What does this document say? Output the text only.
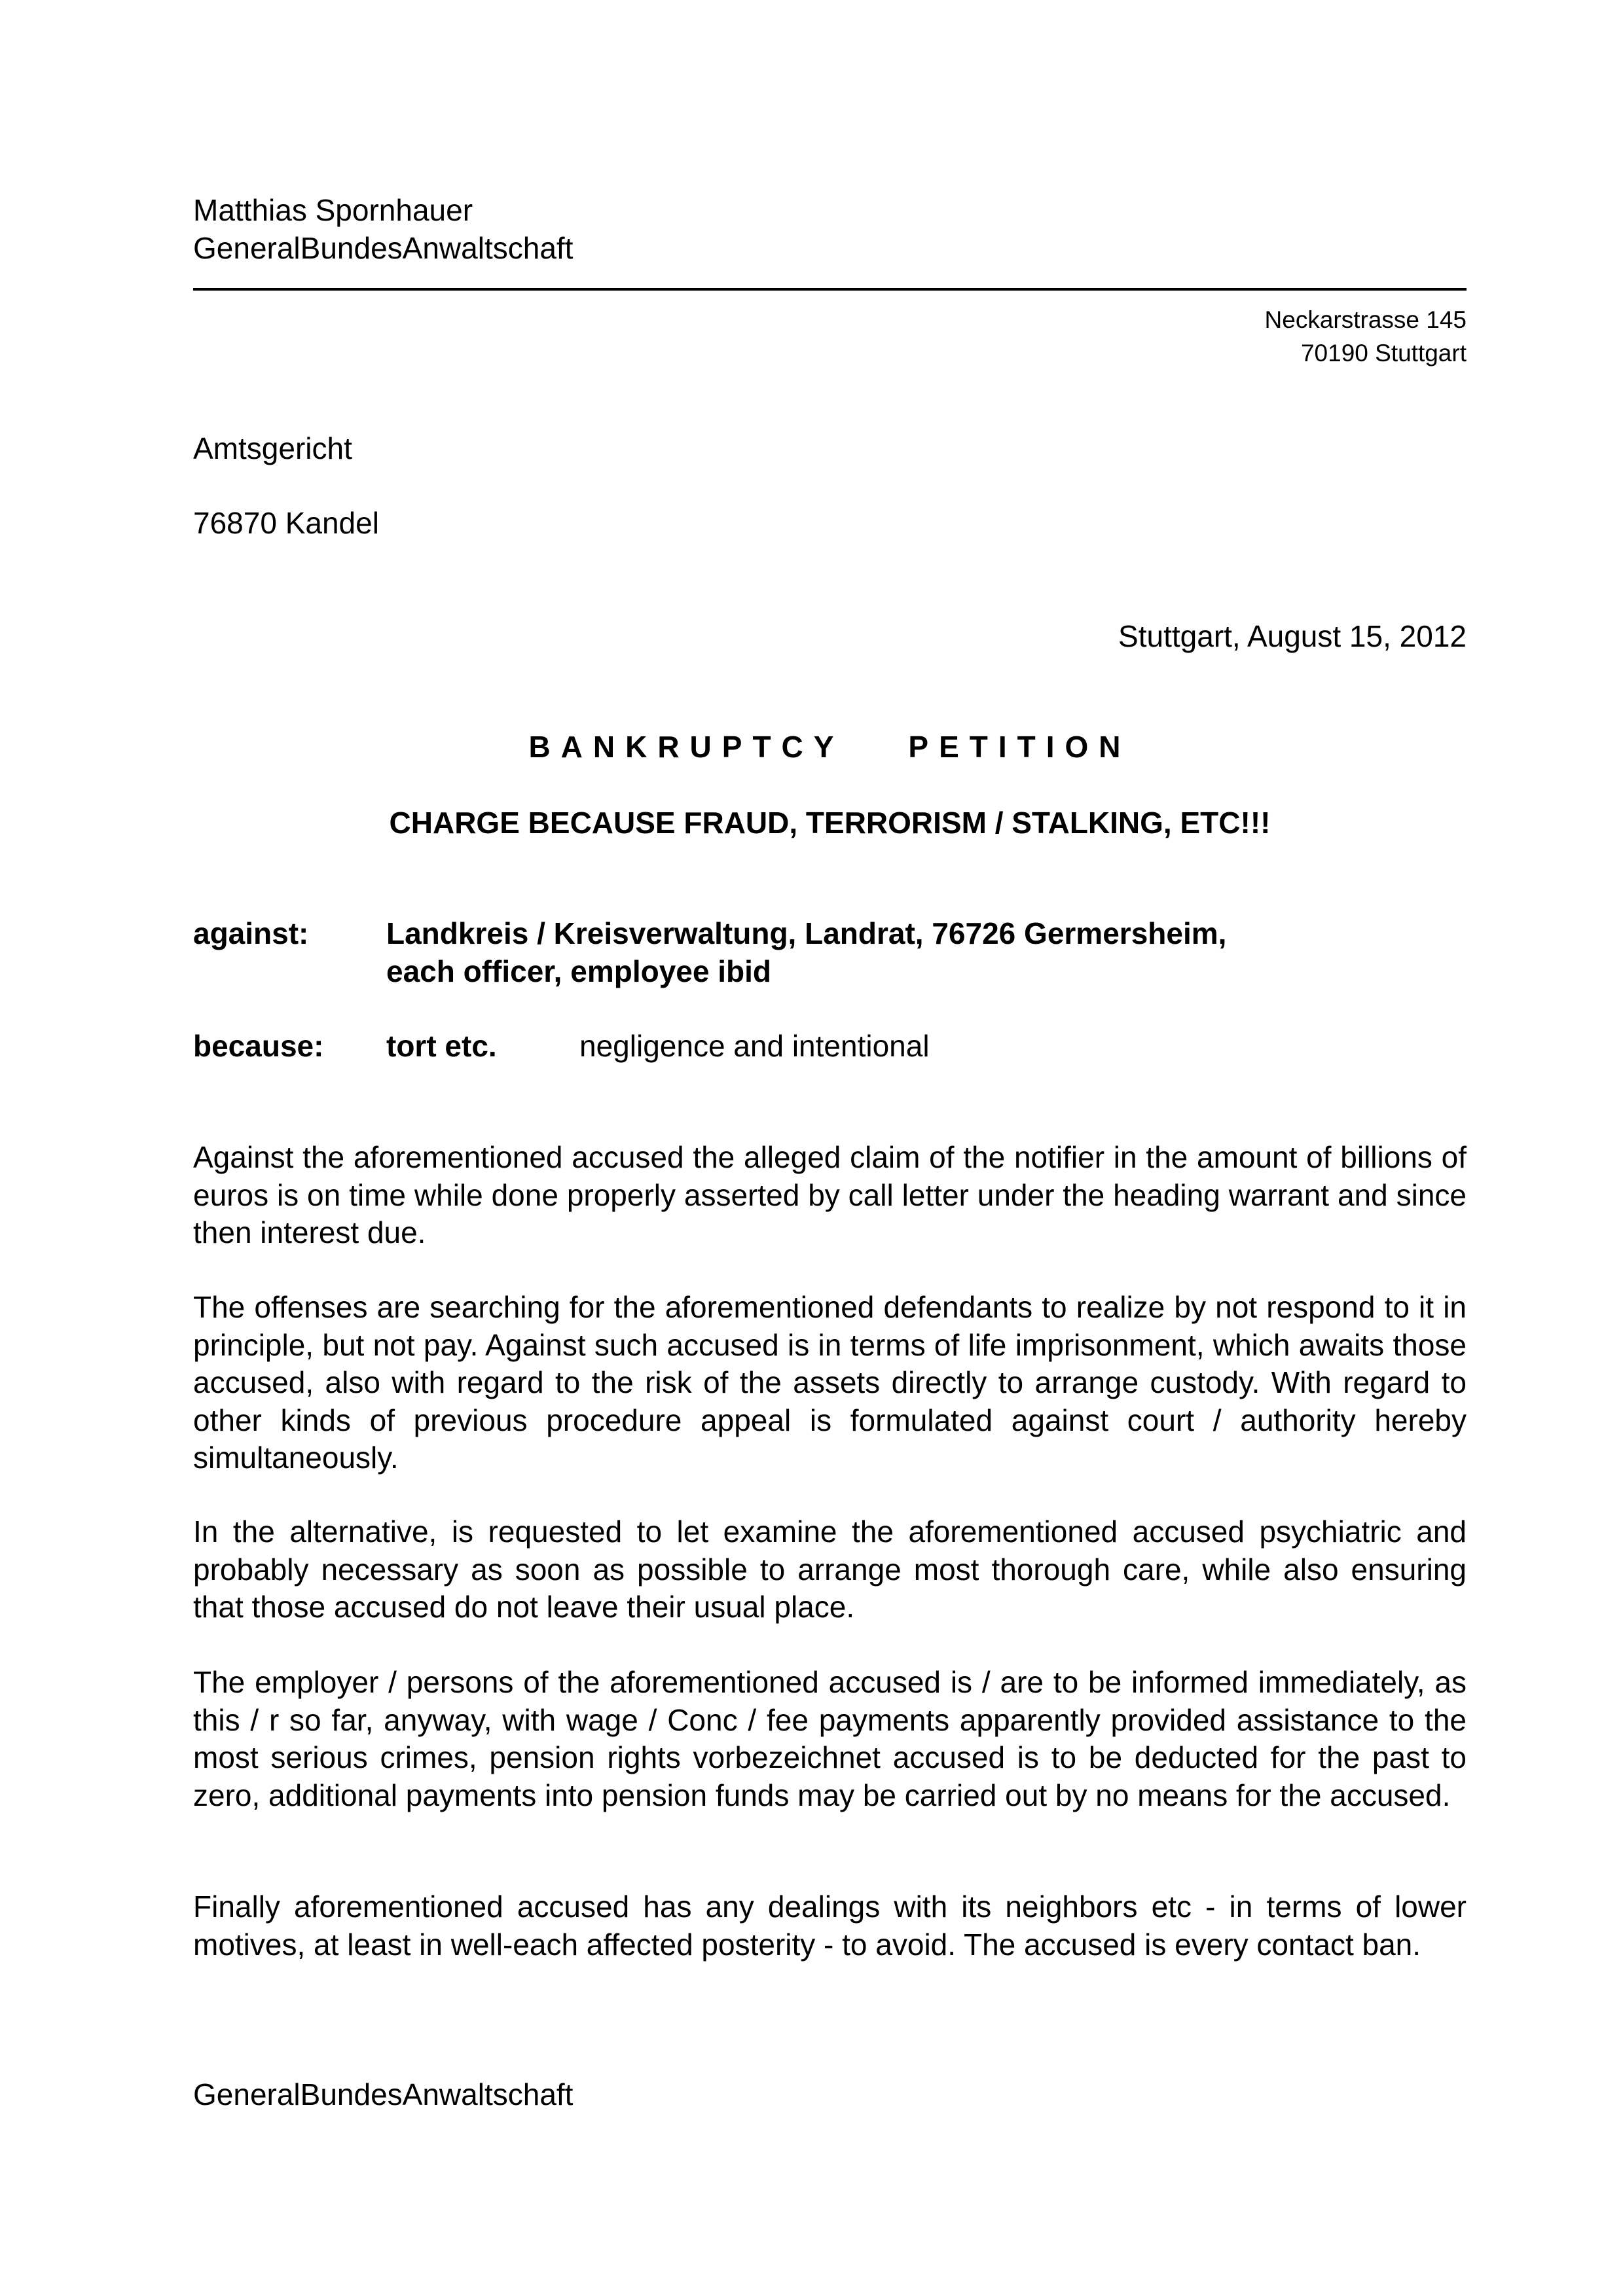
Matthias Spornhauer
GeneralBundesAnwaltschaft
Neckarstrasse 145
70190 Stuttgart
Amtsgericht
76870 Kandel
Stuttgart, August 15, 2012
BANKRUPTCY PETITION
CHARGE BECAUSE FRAUD, TERRORISM / STALKING, ETC!!!
against:	Landkreis / Kreisverwaltung, Landrat, 76726 Germersheim,
each officer, employee ibid
because: tort etc.	negligence and intentional
Against the aforementioned accused the alleged claim of the notifier in the amount of billions of euros is on time while done properly asserted by call letter under the heading warrant and since then interest due.
The offenses are searching for the aforementioned defendants to realize by not respond to it in principle, but not pay. Against such accused is in terms of life imprisonment, which awaits those accused, also with regard to the risk of the assets directly to arrange custody. With regard to other kinds of previous procedure appeal is formulated against court / authority hereby simultaneously.
In the alternative, is requested to let examine the aforementioned accused psychiatric and probably necessary as soon as possible to arrange most thorough care, while also ensuring that those accused do not leave their usual place.
The employer / persons of the aforementioned accused is / are to be informed immediately, as this / r so far, anyway, with wage / Conc / fee payments apparently provided assistance to the most serious crimes, pension rights vorbezeichnet accused is to be deducted for the past to zero, additional payments into pension funds may be carried out by no means for the accused.
Finally aforementioned accused has any dealings with its neighbors etc - in terms of lower motives, at least in well-each affected posterity - to avoid. The accused is every contact ban.
GeneralBundesAnwaltschaft
